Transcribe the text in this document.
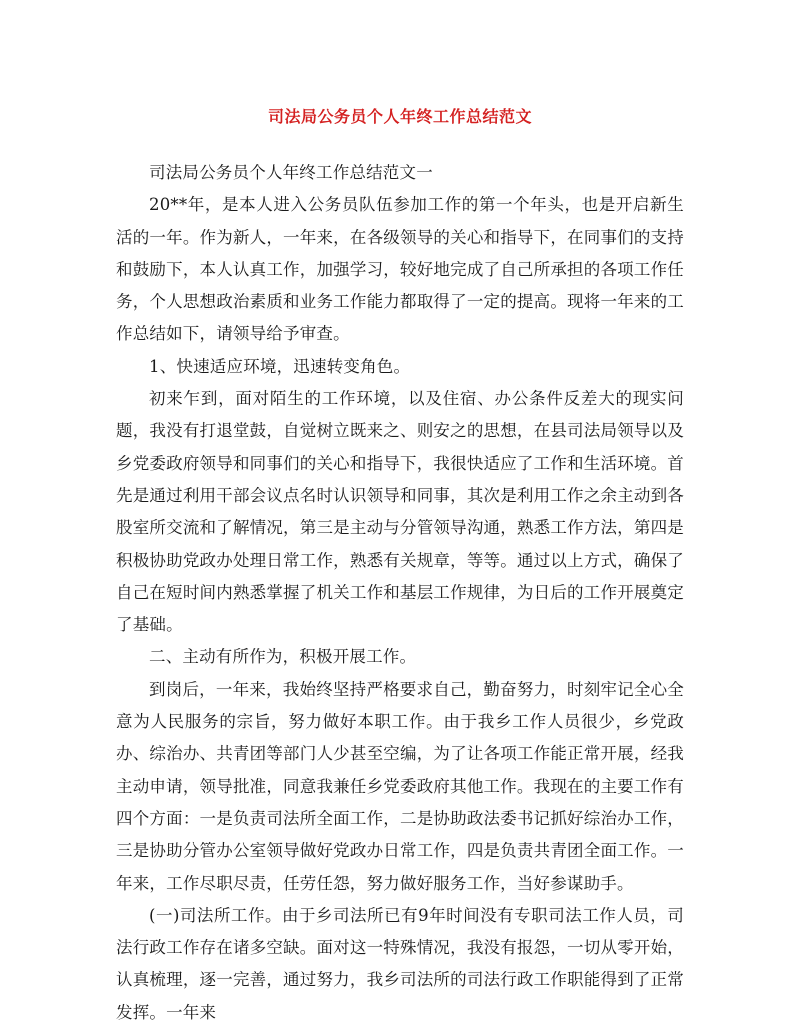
司法局公务员个人年终工作总结范文

司法局公务员个人年终工作总结范文一

20**年，是本人进入公务员队伍参加工作的第一个年头，也是开启新生活的一年。作为新人，一年来，在各级领导的关心和指导下，在同事们的支持和鼓励下，本人认真工作，加强学习，较好地完成了自己所承担的各项工作任务，个人思想政治素质和业务工作能力都取得了一定的提高。现将一年来的工作总结如下，请领导给予审查。

1、快速适应环境，迅速转变角色。

初来乍到，面对陌生的工作环境，以及住宿、办公条件反差大的现实问题，我没有打退堂鼓，自觉树立既来之、则安之的思想，在县司法局领导以及乡党委政府领导和同事们的关心和指导下，我很快适应了工作和生活环境。首先是通过利用干部会议点名时认识领导和同事，其次是利用工作之余主动到各股室所交流和了解情况，第三是主动与分管领导沟通，熟悉工作方法，第四是积极协助党政办处理日常工作，熟悉有关规章，等等。通过以上方式，确保了自己在短时间内熟悉掌握了机关工作和基层工作规律，为日后的工作开展奠定了基础。

二、主动有所作为，积极开展工作。

到岗后，一年来，我始终坚持严格要求自己，勤奋努力，时刻牢记全心全意为人民服务的宗旨，努力做好本职工作。由于我乡工作人员很少，乡党政办、综治办、共青团等部门人少甚至空编，为了让各项工作能正常开展，经我主动申请，领导批准，同意我兼任乡党委政府其他工作。我现在的主要工作有四个方面：一是负责司法所全面工作，二是协助政法委书记抓好综治办工作，三是协助分管办公室领导做好党政办日常工作，四是负责共青团全面工作。一年来，工作尽职尽责，任劳任怨，努力做好服务工作，当好参谋助手。

(一)司法所工作。由于乡司法所已有9年时间没有专职司法工作人员，司法行政工作存在诸多空缺。面对这一特殊情况，我没有报怨，一切从零开始，认真梳理，逐一完善，通过努力，我乡司法所的司法行政工作职能得到了正常发挥。一年来
